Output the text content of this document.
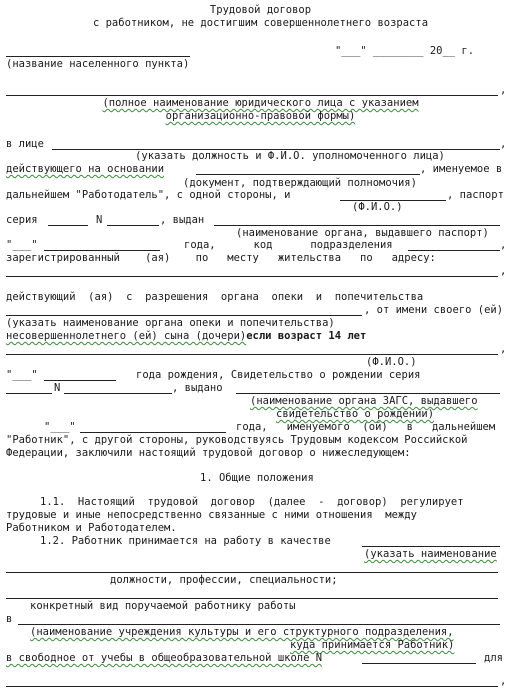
Трудовой договор
с работником, не достигшим совершеннолетнего возраста
"___" ________ 20__ г.
(название населенного пункта)
,
(полное наименование юридического лица с указанием
организационно-правовой формы)
в лице	,
(указать должность и Ф.И.О. уполномоченного лица)
действующего на основании	, именуемое в
(документ, подтверждающий полномочия)
дальнейшем "Работодатель", с одной стороны, и	, паспорт
(Ф.И.О.)
серия	N	, выдан
(наименование органа, выдавшего паспорт)
"___"	года,      код      подразделения	,
зарегистрированный    (ая)    по   месту   жительства   по   адресу:
,
действующий  (ая)  с  разрешения  органа  опеки  и  попечительства
, от имени своего (ей)
(указать наименование органа опеки и попечительства)
несовершеннолетнего (ей) сына (дочери)если возраст 14 лет
,
(Ф.И.О.)
"___"	года рождения, Свидетельство о рождении серия
N	, выдано
(наименование органа ЗАГС, выдавшего
свидетельство о рождении)
"___"	года,   именуемого  (ой)   в   дальнейшем
"Работник", с другой стороны, руководствуясь Трудовым кодексом Российской
Федерации, заключили настоящий трудовой договор о нижеследующем:
1. Общие положения
1.1.  Настоящий  трудовой  договор  (далее  -  договор)  регулирует
трудовые и иные непосредственно связанные с ними отношения  между
Работником и Работодателем.
1.2. Работник принимается на работу в качестве
(указать наименование
должности, профессии, специальности;
конкретный вид поручаемой работнику работы
в
(наименование учреждения культуры и его структурного подразделения,
куда принимается Работник)
в свободное от учебы в общеобразовательной школе N	для
,
